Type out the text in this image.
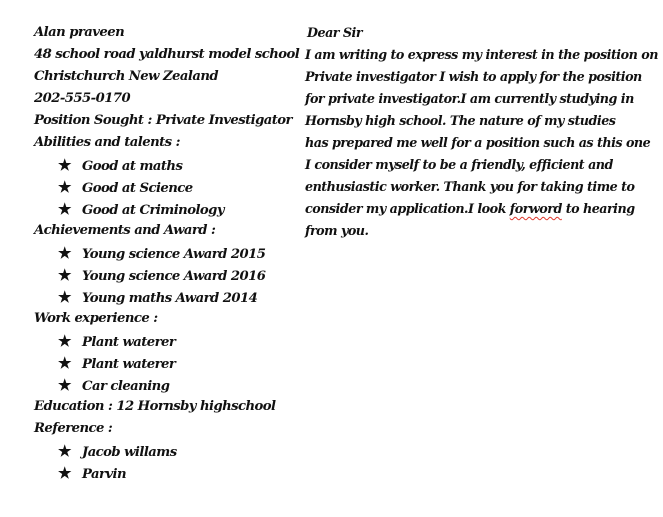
Alan praveen
48 school road yaldhurst model school
Christchurch New Zealand
202-555-0170
Position Sought : Private Investigator
Abilities and talents :
★ Good at maths
★ Good at Science
★ Good at Criminology
Achievements and Award :
★ Young science Award 2015
★ Young science Award 2016
★ Young maths Award 2014
Work experience :
★ Plant waterer
★ Plant waterer
★ Car cleaning
Education : 12 Hornsby highschool
Reference :
★ Jacob willams
★ Parvin
Dear Sir
I am writing to express my interest in the position on
Private investigator I wish to apply for the position
for private investigator.I am currently studying in
Hornsby high school. The nature of my studies
has prepared me well for a position such as this one
I consider myself to be a friendly, efficient and
enthusiastic worker. Thank you for taking time to
consider my application.I look forword to hearing
from you.
